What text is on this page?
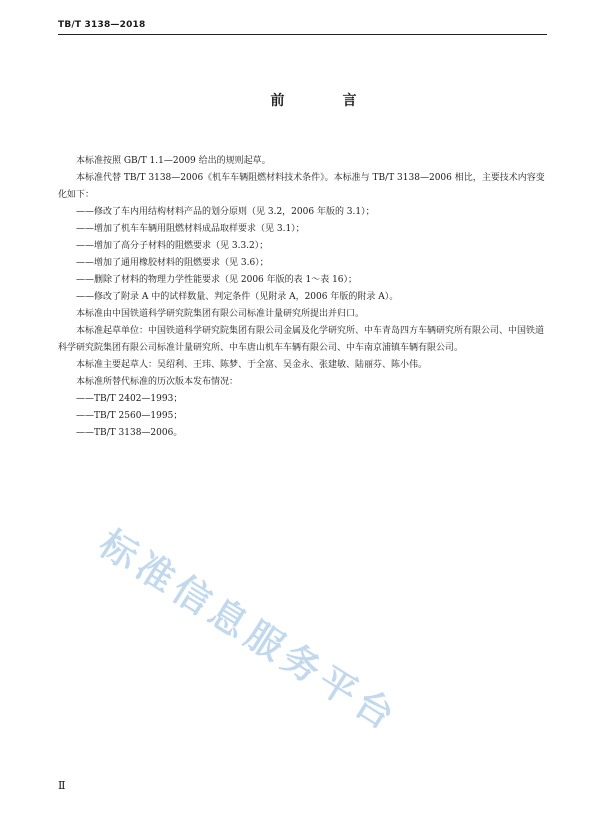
TB/T 3138—2018
前　言

本标准按照 GB/T 1.1—2009 给出的规则起草。

本标准代替 TB/T 3138—2006《机车车辆阻燃材料技术条件》。本标准与 TB/T 3138—2006 相比，主要技术内容变化如下：

——修改了车内用结构材料产品的划分原则（见 3.2，2006 年版的 3.1）；

——增加了机车车辆用阻燃材料成品取样要求（见 3.1）；

——增加了高分子材料的阻燃要求（见 3.3.2）；

——增加了通用橡胶材料的阻燃要求（见 3.6）；

——删除了材料的物理力学性能要求（见 2006 年版的表 1～表 16）；

——修改了附录 A 中的试样数量、判定条件（见附录 A，2006 年版的附录 A）。

本标准由中国铁道科学研究院集团有限公司标准计量研究所提出并归口。

本标准起草单位：中国铁道科学研究院集团有限公司金属及化学研究所、中车青岛四方车辆研究所有限公司、中国铁道科学研究院集团有限公司标准计量研究所、中车唐山机车车辆有限公司、中车南京浦镇车辆有限公司。

本标准主要起草人：吴绍利、王玮、陈梦、于全富、吴金永、张建敏、陆丽芬、陈小伟。

本标准所替代标准的历次版本发布情况：

——TB/T 2402—1993；

——TB/T 2560—1995；

——TB/T 3138—2006。

标准信息服务平台
Ⅱ
